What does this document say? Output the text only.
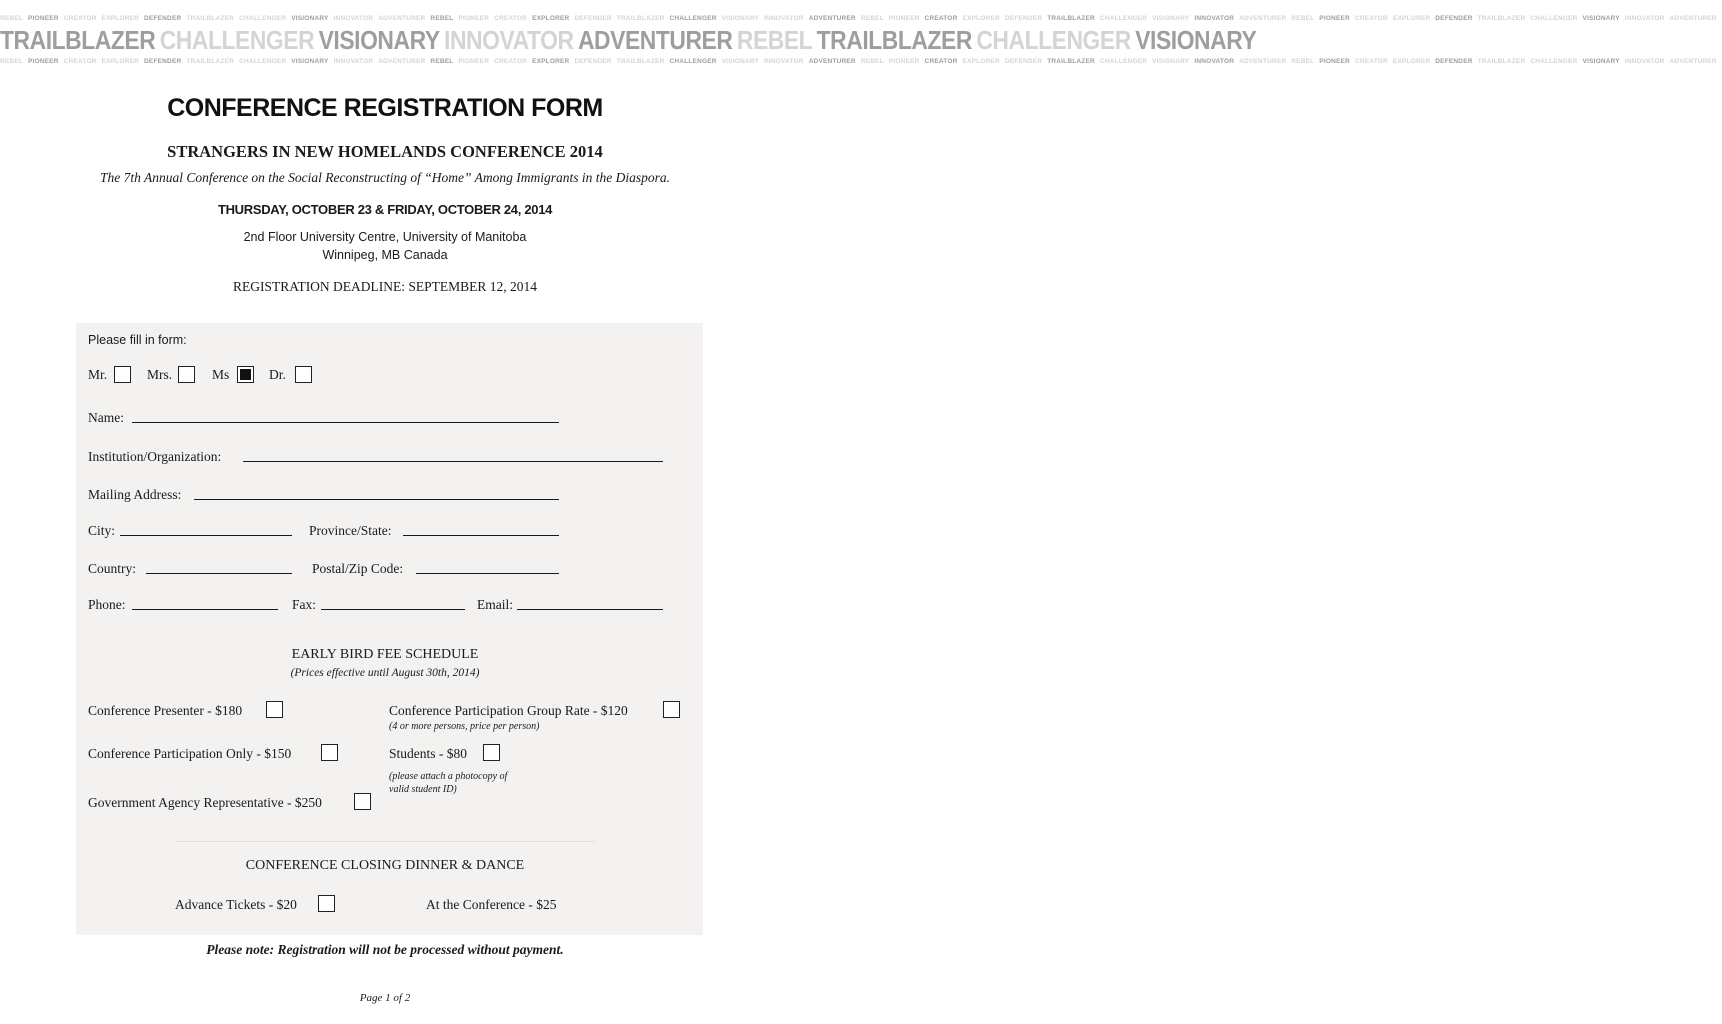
REBEL PIONEER CREATOR EXPLORER DEFENDER TRAILBLAZER CHALLENGER VISIONARY INNOVATOR ADVENTURER REBEL PIONEER CREATOR EXPLORER DEFENDER TRAILBLAZER CHALLENGER VISIONARY INNOVATOR ADVENTURER REBEL PIONEER CREATOR EXPLORER DEFENDER TRAILBLAZER CHALLENGER VISIONARY INNOVATOR ADVENTURER REBEL PIONEER CREATOR EXPLORER DEFENDER TRAILBLAZER CHALLENGER VISIONARY INNOVATOR ADVENTURER
TRAILBLAZER CHALLENGER VISIONARY INNOVATOR ADVENTURER REBEL TRAILBLAZER CHALLENGER VISIONARY
REBEL PIONEER CREATOR EXPLORER DEFENDER TRAILBLAZER CHALLENGER VISIONARY INNOVATOR ADVENTURER REBEL PIONEER CREATOR EXPLORER DEFENDER TRAILBLAZER CHALLENGER VISIONARY INNOVATOR ADVENTURER REBEL PIONEER CREATOR EXPLORER DEFENDER TRAILBLAZER CHALLENGER VISIONARY INNOVATOR ADVENTURER REBEL PIONEER CREATOR EXPLORER DEFENDER TRAILBLAZER CHALLENGER VISIONARY INNOVATOR ADVENTURER
CONFERENCE REGISTRATION FORM
STRANGERS IN NEW HOMELANDS CONFERENCE 2014
The 7th Annual Conference on the Social Reconstructing of “Home” Among Immigrants in the Diaspora.
THURSDAY, OCTOBER 23 & FRIDAY, OCTOBER 24, 2014
2nd Floor University Centre, University of Manitoba
Winnipeg, MB Canada
REGISTRATION DEADLINE: SEPTEMBER 12, 2014
Please fill in form:
Mr.	Mrs.	Ms	Dr.
Name:
Institution/Organization:
Mailing Address:
City:	Province/State:
Country:	Postal/Zip Code:
Phone:	Fax:	Email:
EARLY BIRD FEE SCHEDULE
(Prices effective until August 30th, 2014)
Conference Presenter - $180	Conference Participation Group Rate - $120
(4 or more persons, price per person)
Conference Participation Only - $150	Students - $80
(please attach a photocopy of
valid student ID)
Government Agency Representative - $250
CONFERENCE CLOSING DINNER & DANCE
Advance Tickets - $20	At the Conference - $25
Please note: Registration will not be processed without payment.
Page 1 of 2
